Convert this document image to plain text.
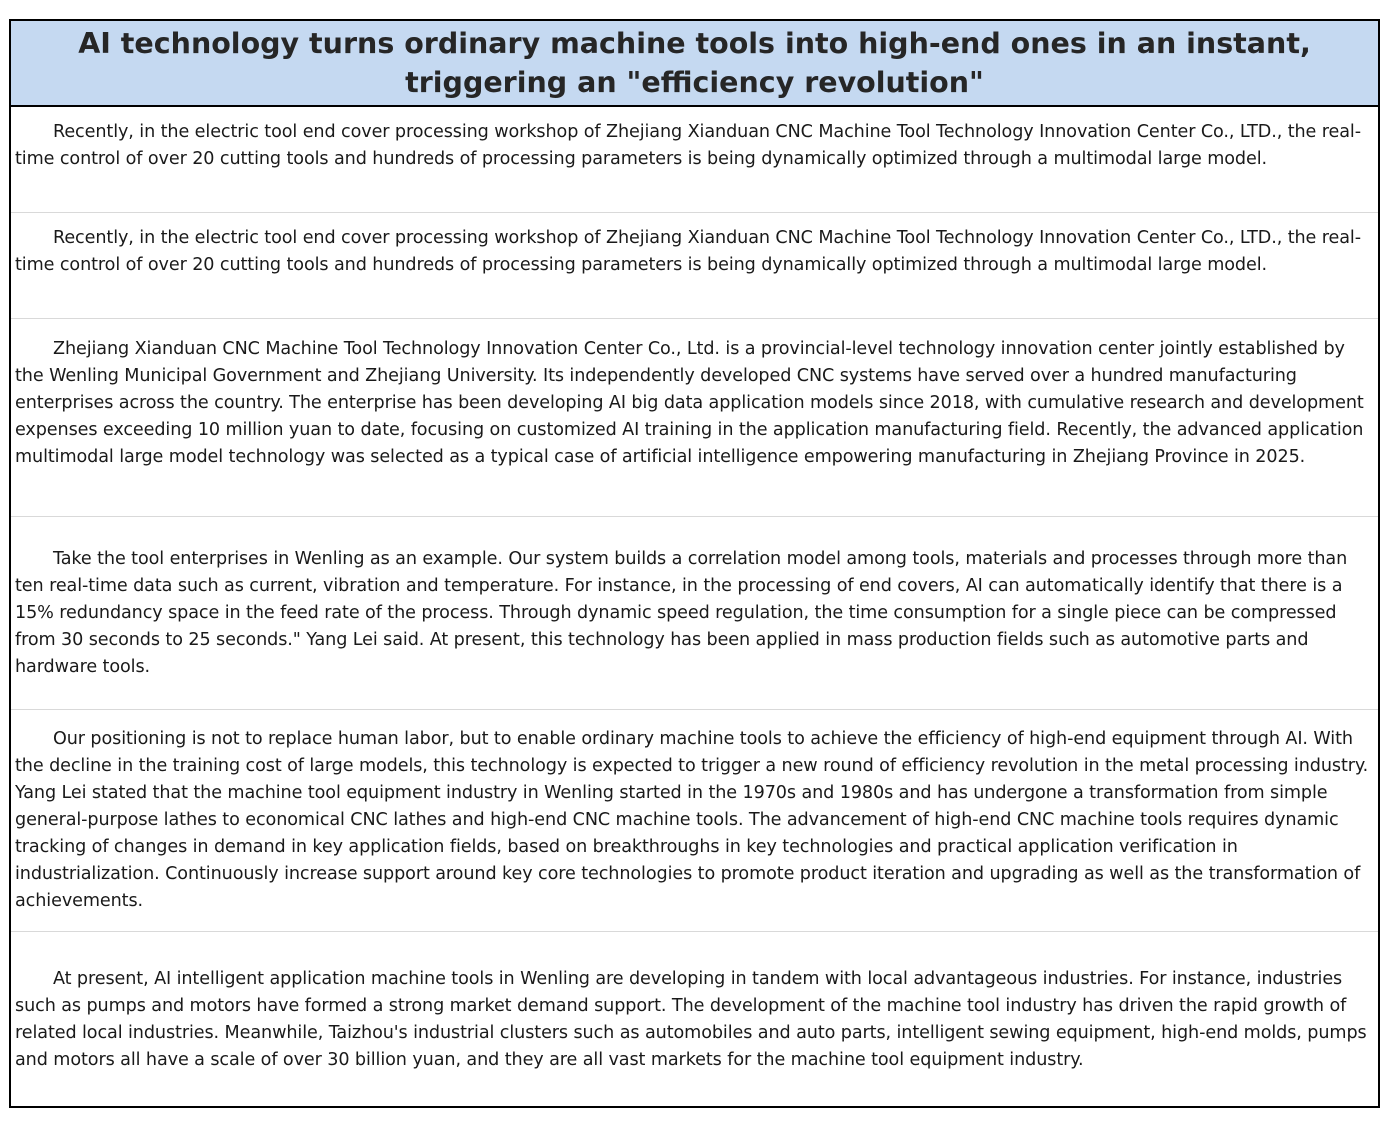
AI technology turns ordinary machine tools into high-end ones in an instant, triggering an "efficiency revolution"

Recently, in the electric tool end cover processing workshop of Zhejiang Xianduan CNC Machine Tool Technology Innovation Center Co., LTD., the real-time control of over 20 cutting tools and hundreds of processing parameters is being dynamically optimized through a multimodal large model.

Recently, in the electric tool end cover processing workshop of Zhejiang Xianduan CNC Machine Tool Technology Innovation Center Co., LTD., the real-time control of over 20 cutting tools and hundreds of processing parameters is being dynamically optimized through a multimodal large model.

Zhejiang Xianduan CNC Machine Tool Technology Innovation Center Co., Ltd. is a provincial-level technology innovation center jointly established by the Wenling Municipal Government and Zhejiang University. Its independently developed CNC systems have served over a hundred manufacturing enterprises across the country. The enterprise has been developing AI big data application models since 2018, with cumulative research and development expenses exceeding 10 million yuan to date, focusing on customized AI training in the application manufacturing field. Recently, the advanced application multimodal large model technology was selected as a typical case of artificial intelligence empowering manufacturing in Zhejiang Province in 2025.

Take the tool enterprises in Wenling as an example. Our system builds a correlation model among tools, materials and processes through more than ten real-time data such as current, vibration and temperature. For instance, in the processing of end covers, AI can automatically identify that there is a 15% redundancy space in the feed rate of the process. Through dynamic speed regulation, the time consumption for a single piece can be compressed from 30 seconds to 25 seconds." Yang Lei said. At present, this technology has been applied in mass production fields such as automotive parts and hardware tools.

Our positioning is not to replace human labor, but to enable ordinary machine tools to achieve the efficiency of high-end equipment through AI. With the decline in the training cost of large models, this technology is expected to trigger a new round of efficiency revolution in the metal processing industry. Yang Lei stated that the machine tool equipment industry in Wenling started in the 1970s and 1980s and has undergone a transformation from simple general-purpose lathes to economical CNC lathes and high-end CNC machine tools. The advancement of high-end CNC machine tools requires dynamic tracking of changes in demand in key application fields, based on breakthroughs in key technologies and practical application verification in industrialization. Continuously increase support around key core technologies to promote product iteration and upgrading as well as the transformation of achievements.

At present, AI intelligent application machine tools in Wenling are developing in tandem with local advantageous industries. For instance, industries such as pumps and motors have formed a strong market demand support. The development of the machine tool industry has driven the rapid growth of related local industries. Meanwhile, Taizhou's industrial clusters such as automobiles and auto parts, intelligent sewing equipment, high-end molds, pumps and motors all have a scale of over 30 billion yuan, and they are all vast markets for the machine tool equipment industry.
